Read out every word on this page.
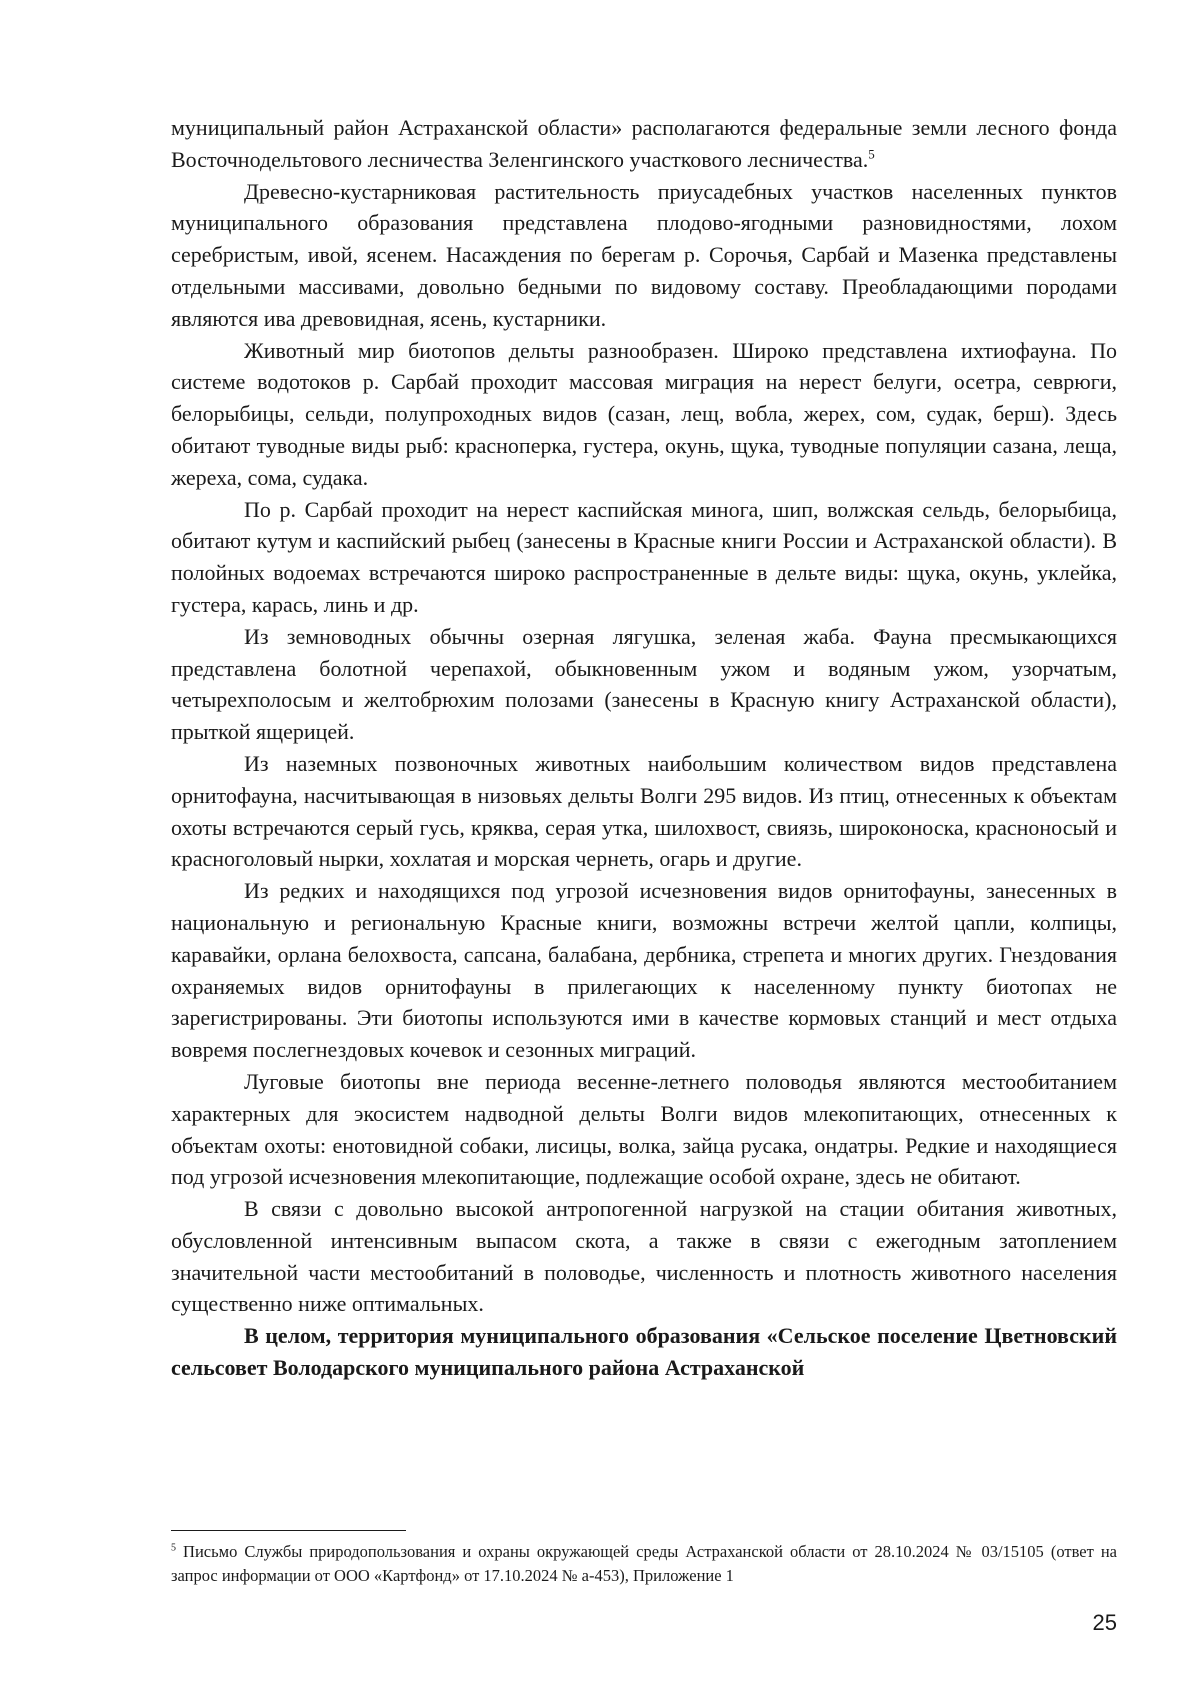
муниципальный район Астраханской области» располагаются федеральные земли лесного фонда Восточнодельтового лесничества Зеленгинского участкового лесничества.$^5$

Древесно-кустарниковая растительность приусадебных участков населенных пунктов муниципального образования представлена плодово-ягодными разновидностями, лохом серебристым, ивой, ясенем. Насаждения по берегам р. Сорочья, Сарбай и Мазенка представлены отдельными массивами, довольно бедными по видовому составу. Преобладающими породами являются ива древовидная, ясень, кустарники.

Животный мир биотопов дельты разнообразен. Широко представлена ихтиофауна. По системе водотоков р. Сарбай проходит массовая миграция на нерест белуги, осетра, севрюги, белорыбицы, сельди, полупроходных видов (сазан, лещ, вобла, жерех, сом, судак, берш). Здесь обитают туводные виды рыб: красноперка, густера, окунь, щука, туводные популяции сазана, леща, жереха, сома, судака.

По р. Сарбай проходит на нерест каспийская минога, шип, волжская сельдь, белорыбица, обитают кутум и каспийский рыбец (занесены в Красные книги России и Астраханской области). В полойных водоемах встречаются широко распространенные в дельте виды: щука, окунь, уклейка, густера, карась, линь и др.

Из земноводных обычны озерная лягушка, зеленая жаба. Фауна пресмыкающихся представлена болотной черепахой, обыкновенным ужом и водяным ужом, узорчатым, четырехполосым и желтобрюхим полозами (занесены в Красную книгу Астраханской области), прыткой ящерицей.

Из наземных позвоночных животных наибольшим количеством видов представлена орнитофауна, насчитывающая в низовьях дельты Волги 295 видов. Из птиц, отнесенных к объектам охоты встречаются серый гусь, кряква, серая утка, шилохвост, свиязь, широконоска, красноносый и красноголовый нырки, хохлатая и морская чернеть, огарь и другие.

Из редких и находящихся под угрозой исчезновения видов орнитофауны, занесенных в национальную и региональную Красные книги, возможны встречи желтой цапли, колпицы, каравайки, орлана белохвоста, сапсана, балабана, дербника, стрепета и многих других. Гнездования охраняемых видов орнитофауны в прилегающих к населенному пункту биотопах не зарегистрированы. Эти биотопы используются ими в качестве кормовых станций и мест отдыха вовремя послегнездовых кочевок и сезонных миграций.

Луговые биотопы вне периода весенне-летнего половодья являются местообитанием характерных для экосистем надводной дельты Волги видов млекопитающих, отнесенных к объектам охоты: енотовидной собаки, лисицы, волка, зайца русака, ондатры. Редкие и находящиеся под угрозой исчезновения млекопитающие, подлежащие особой охране, здесь не обитают.

В связи с довольно высокой антропогенной нагрузкой на стации обитания животных, обусловленной интенсивным выпасом скота, а также в связи с ежегодным затоплением значительной части местообитаний в половодье, численность и плотность животного населения существенно ниже оптимальных.

В целом, территория муниципального образования «Сельское поселение Цветновский сельсовет Володарского муниципального района Астраханской

$^5$ Письмо Службы природопользования и охраны окружающей среды Астраханской области от 28.10.2024 № 03/15105 (ответ на запрос информации от ООО «Картфонд» от 17.10.2024 № а-453), Приложение 1
25
